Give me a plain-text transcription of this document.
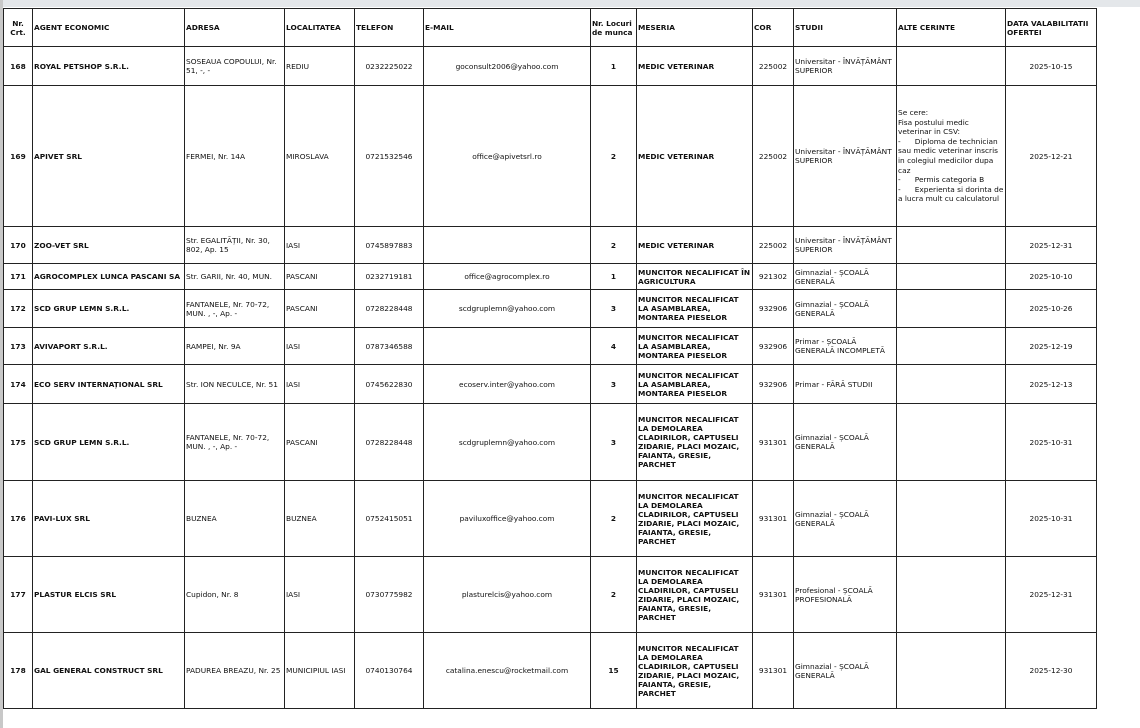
Nr. Crt.	AGENT ECONOMIC	ADRESA	LOCALITATEA	TELEFON	E-MAIL	Nr. Locuri de munca	MESERIA	COR	STUDII	ALTE CERINTE	DATA VALABILITATII OFERTEI
168	ROYAL PETSHOP S.R.L.	SOSEAUA COPOULUI, Nr. 51, -, -	REDIU	0232225022	goconsult2006@yahoo.com	1	MEDIC VETERINAR	225002	Universitar - ÎNVĂȚĂMÂNT SUPERIOR		2025-10-15
169	APIVET SRL	FERMEI, Nr. 14A	MIROSLAVA	0721532546	office@apivetsrl.ro	2	MEDIC VETERINAR	225002	Universitar - ÎNVĂȚĂMÂNT SUPERIOR	Se cere:
Fisa postului medic veterinar in CSV:
-      Diploma de technician sau medic veterinar inscris in colegiul medicilor dupa caz
-      Permis categoria B
-      Experienta si dorinta de a lucra mult cu calculatorul	2025-12-21
170	ZOO-VET SRL	Str. EGALITĂȚII, Nr. 30, 802, Ap. 15	IASI	0745897883		2	MEDIC VETERINAR	225002	Universitar - ÎNVĂȚĂMÂNT SUPERIOR		2025-12-31
171	AGROCOMPLEX LUNCA PASCANI SA	Str. GARII, Nr. 40, MUN.	PASCANI	0232719181	office@agrocomplex.ro	1	MUNCITOR NECALIFICAT ÎN AGRICULTURA	921302	Gimnazial - ȘCOALĂ GENERALĂ		2025-10-10
172	SCD GRUP LEMN S.R.L.	FANTANELE, Nr. 70-72, MUN. , -, Ap. -	PASCANI	0728228448	scdgruplemn@yahoo.com	3	MUNCITOR NECALIFICAT LA ASAMBLAREA, MONTAREA PIESELOR	932906	Gimnazial - ȘCOALĂ GENERALĂ		2025-10-26
173	AVIVAPORT S.R.L.	RAMPEI, Nr. 9A	IASI	0787346588		4	MUNCITOR NECALIFICAT LA ASAMBLAREA, MONTAREA PIESELOR	932906	Primar - ȘCOALĂ GENERALĂ INCOMPLETĂ		2025-12-19
174	ECO SERV INTERNAȚIONAL SRL	Str. ION NECULCE, Nr. 51	IASI	0745622830	ecoserv.inter@yahoo.com	3	MUNCITOR NECALIFICAT LA ASAMBLAREA, MONTAREA PIESELOR	932906	Primar - FĂRĂ STUDII		2025-12-13
175	SCD GRUP LEMN S.R.L.	FANTANELE, Nr. 70-72, MUN. , -, Ap. -	PASCANI	0728228448	scdgruplemn@yahoo.com	3	MUNCITOR NECALIFICAT LA DEMOLAREA CLADIRILOR, CAPTUSELI ZIDARIE, PLACI MOZAIC, FAIANTA, GRESIE, PARCHET	931301	Gimnazial - ȘCOALĂ GENERALĂ		2025-10-31
176	PAVI-LUX SRL	BUZNEA	BUZNEA	0752415051	paviluxoffice@yahoo.com	2	MUNCITOR NECALIFICAT LA DEMOLAREA CLADIRILOR, CAPTUSELI ZIDARIE, PLACI MOZAIC, FAIANTA, GRESIE, PARCHET	931301	Gimnazial - ȘCOALĂ GENERALĂ		2025-10-31
177	PLASTUR ELCIS SRL	Cupidon, Nr. 8	IASI	0730775982	plasturelcis@yahoo.com	2	MUNCITOR NECALIFICAT LA DEMOLAREA CLADIRILOR, CAPTUSELI ZIDARIE, PLACI MOZAIC, FAIANTA, GRESIE, PARCHET	931301	Profesional - ȘCOALĂ PROFESIONALĂ		2025-12-31
178	GAL GENERAL CONSTRUCT SRL	PADUREA BREAZU, Nr. 25	MUNICIPIUL IASI	0740130764	catalina.enescu@rocketmail.com	15	MUNCITOR NECALIFICAT LA DEMOLAREA CLADIRILOR, CAPTUSELI ZIDARIE, PLACI MOZAIC, FAIANTA, GRESIE, PARCHET	931301	Gimnazial - ȘCOALĂ GENERALĂ		2025-12-30
